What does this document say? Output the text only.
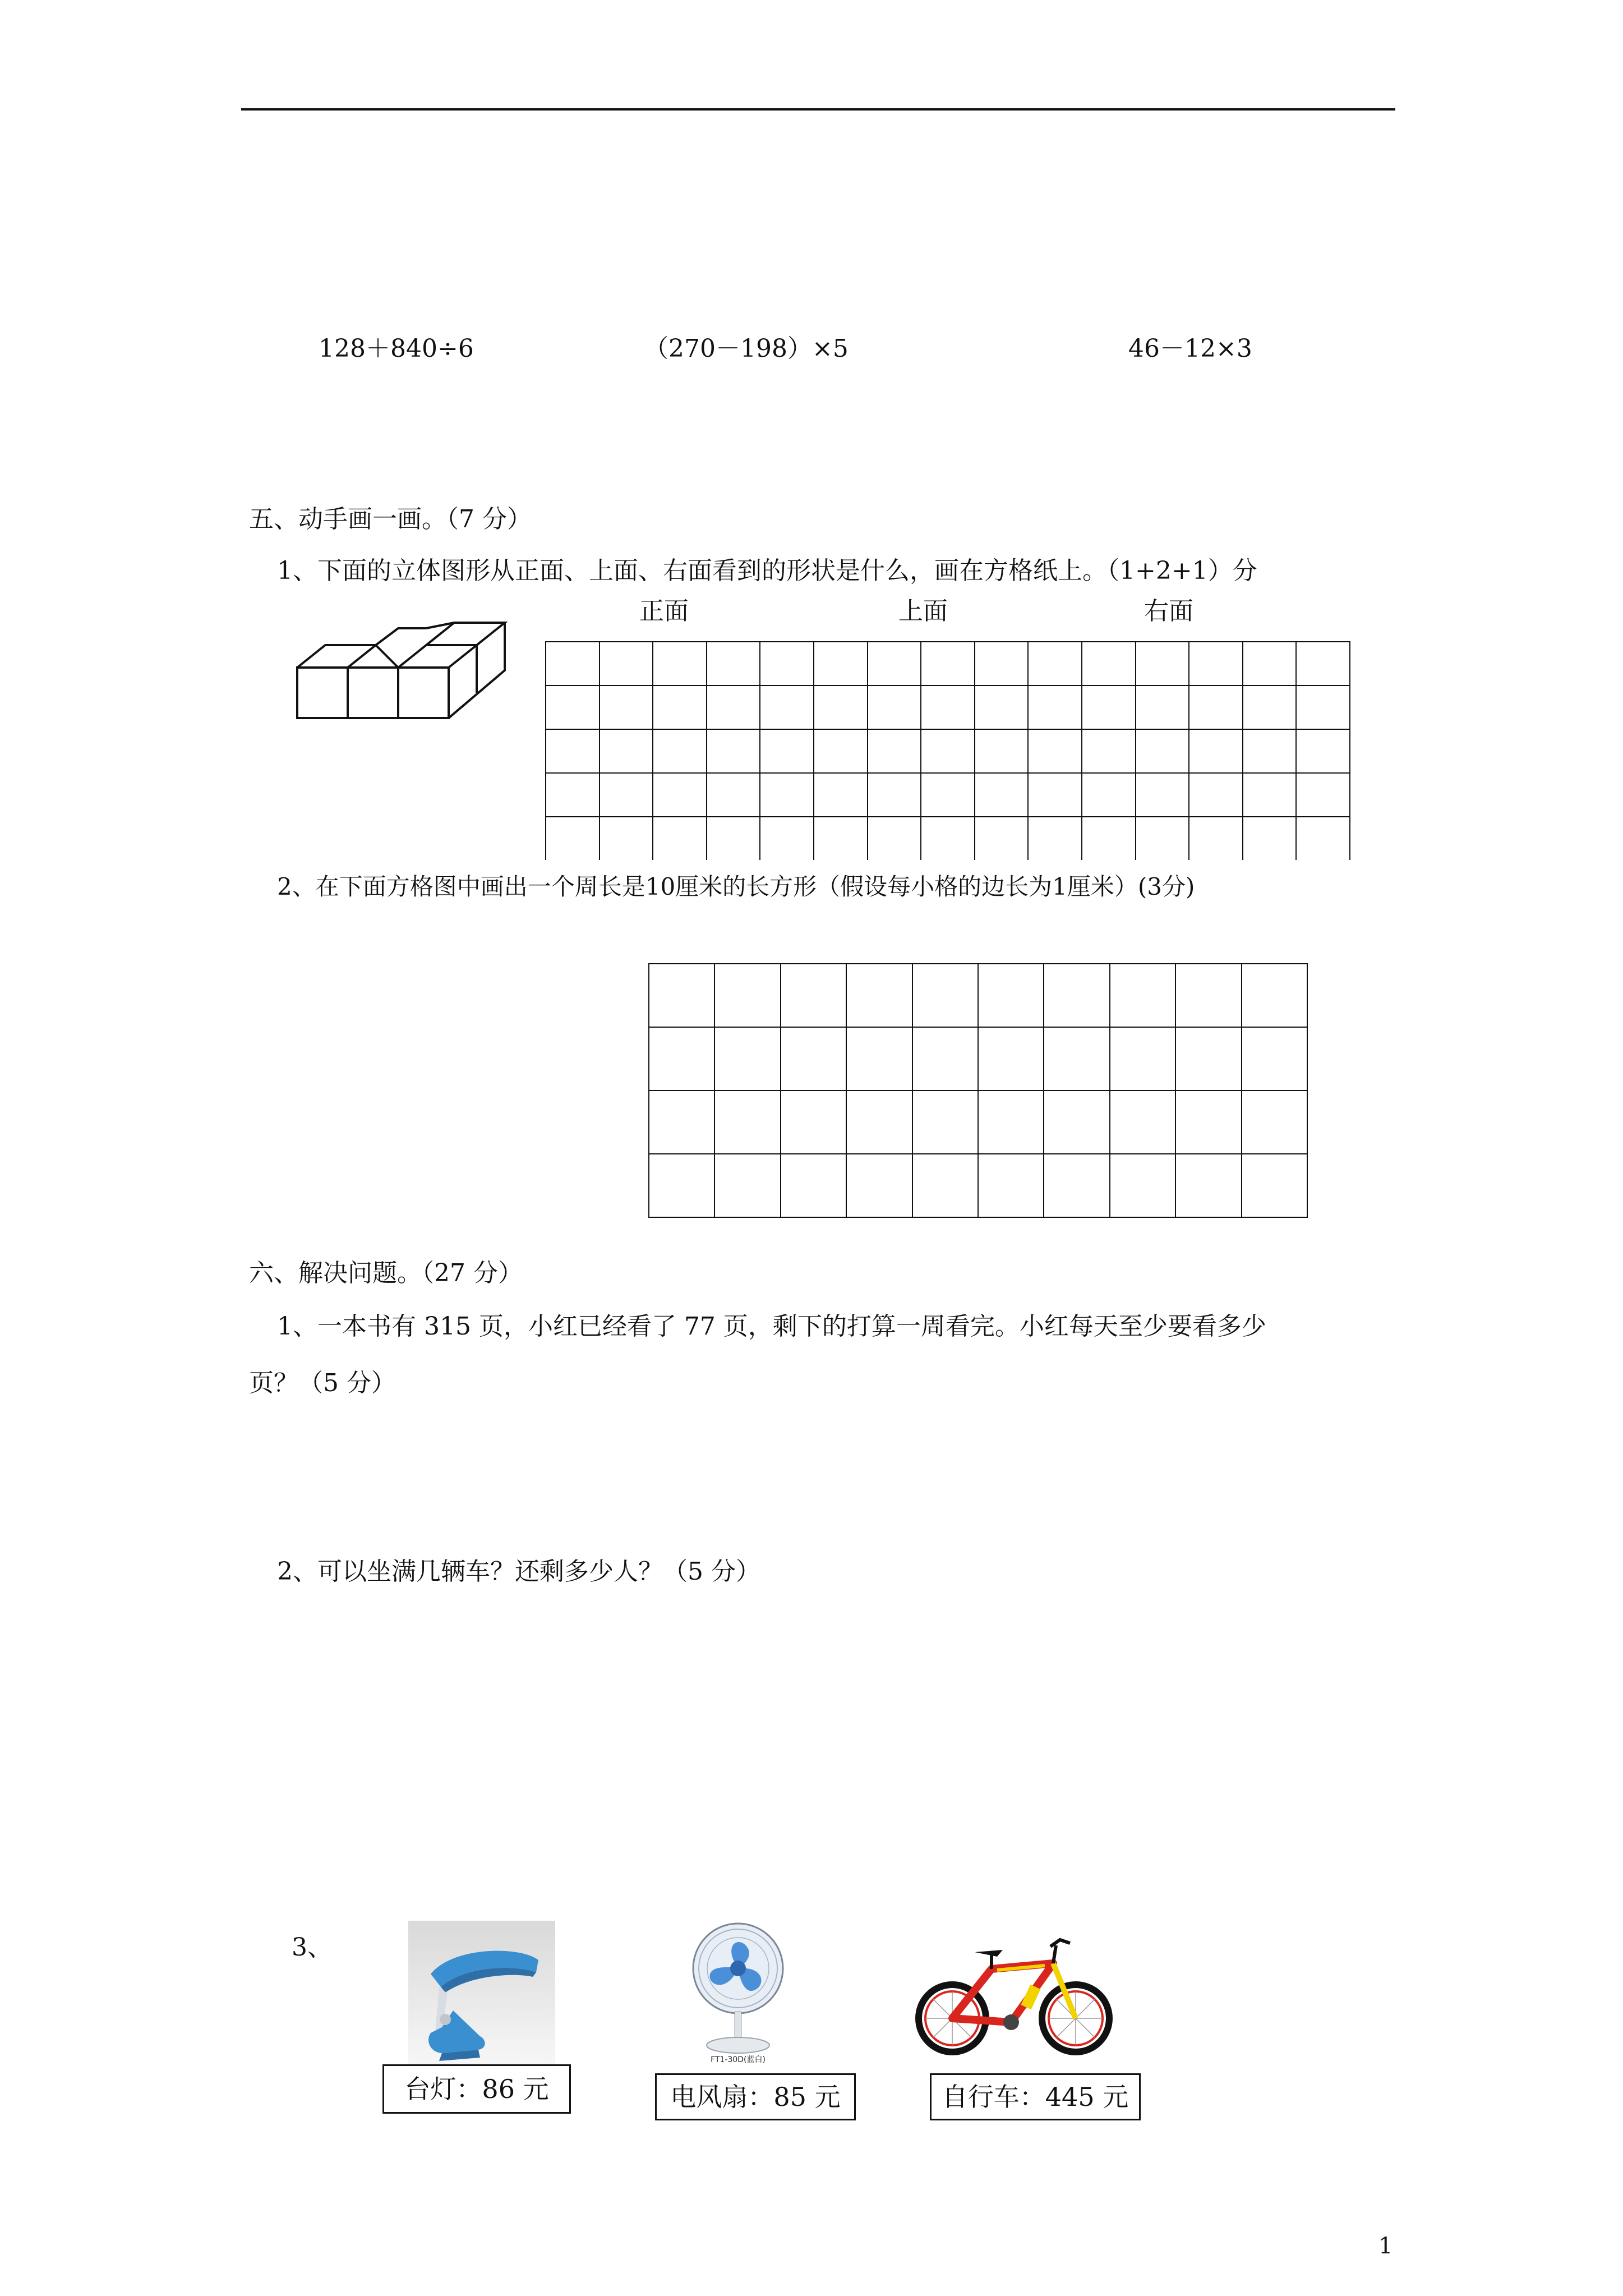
128＋840÷6	（270－198）×5	46－12×3
五、动手画一画。（7 分）
1、下面的立体图形从正面、上面、右面看到的形状是什么，画在方格纸上。（1+2+1）分
正面	上面	右面

2、在下面方格图中画出一个周长是10厘米的长方形（假设每小格的边长为1厘米）(3分)

六、解决问题。（27 分）
1、一本书有 315 页，小红已经看了 77 页，剩下的打算一周看完。小红每天至少要看多少
页？（5 分）
2、可以坐满几辆车？还剩多少人？（5 分）
3、
FT1-30D(蓝白)
台灯：86 元	电风扇：85 元	自行车：445 元
1
